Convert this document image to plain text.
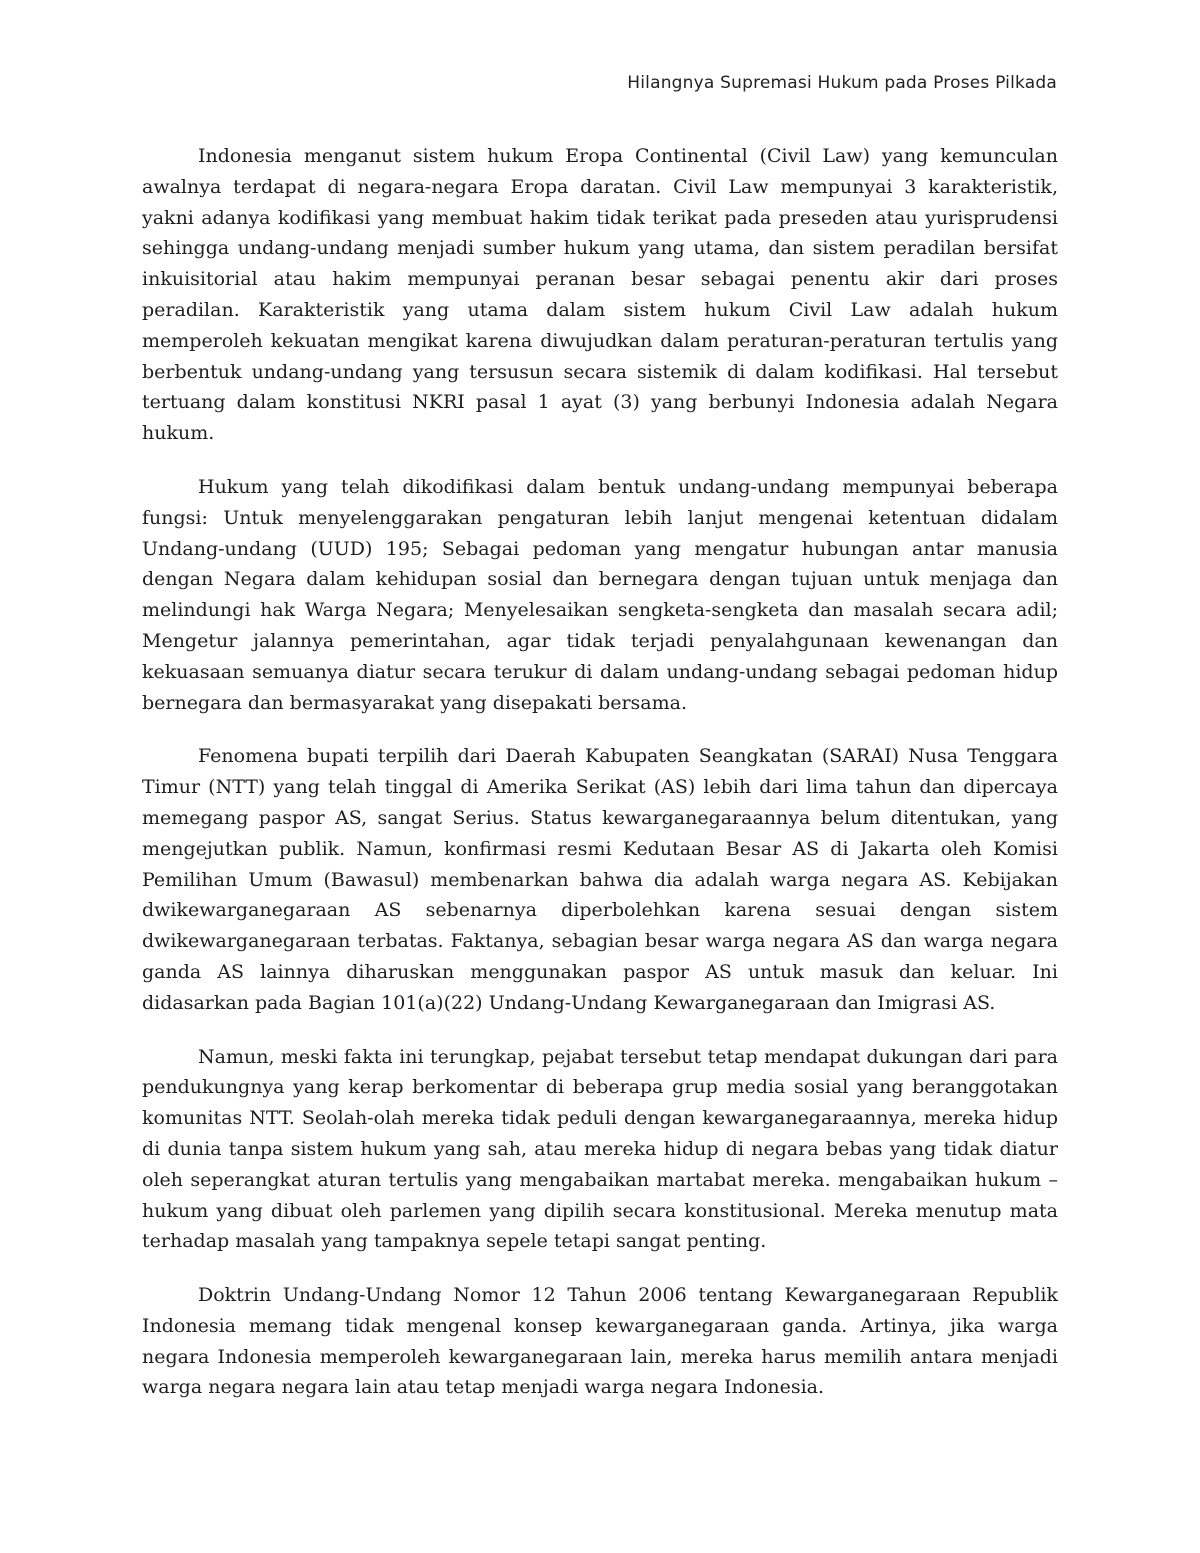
Hilangnya Supremasi Hukum pada Proses Pilkada

Indonesia menganut sistem hukum Eropa Continental (Civil Law) yang kemunculan awalnya terdapat di negara-negara Eropa daratan. Civil Law mempunyai 3 karakteristik, yakni adanya kodifikasi yang membuat hakim tidak terikat pada preseden atau yurisprudensi sehingga undang-undang menjadi sumber hukum yang utama, dan sistem peradilan bersifat inkuisitorial atau hakim mempunyai peranan besar sebagai penentu akir dari proses peradilan. Karakteristik yang utama dalam sistem hukum Civil Law adalah hukum memperoleh kekuatan mengikat karena diwujudkan dalam peraturan-peraturan tertulis yang berbentuk undang-undang yang tersusun secara sistemik di dalam kodifikasi. Hal tersebut tertuang dalam konstitusi NKRI pasal 1 ayat (3) yang berbunyi Indonesia adalah Negara hukum.

Hukum yang telah dikodifikasi dalam bentuk undang-undang mempunyai beberapa fungsi: Untuk menyelenggarakan pengaturan lebih lanjut mengenai ketentuan didalam Undang-undang (UUD) 195; Sebagai pedoman yang mengatur hubungan antar manusia dengan Negara dalam kehidupan sosial dan bernegara dengan tujuan untuk menjaga dan melindungi hak Warga Negara; Menyelesaikan sengketa-sengketa dan masalah secara adil; Mengetur jalannya pemerintahan, agar tidak terjadi penyalahgunaan kewenangan dan kekuasaan semuanya diatur secara terukur di dalam undang-undang sebagai pedoman hidup bernegara dan bermasyarakat yang disepakati bersama.

Fenomena bupati terpilih dari Daerah Kabupaten Seangkatan (SARAI) Nusa Tenggara Timur (NTT) yang telah tinggal di Amerika Serikat (AS) lebih dari lima tahun dan dipercaya memegang paspor AS, sangat Serius. Status kewarganegaraannya belum ditentukan, yang mengejutkan publik. Namun, konfirmasi resmi Kedutaan Besar AS di Jakarta oleh Komisi Pemilihan Umum (Bawasul) membenarkan bahwa dia adalah warga negara AS. Kebijakan dwikewarganegaraan AS sebenarnya diperbolehkan karena sesuai dengan sistem dwikewarganegaraan terbatas. Faktanya, sebagian besar warga negara AS dan warga negara ganda AS lainnya diharuskan menggunakan paspor AS untuk masuk dan keluar. Ini didasarkan pada Bagian 101(a)(22) Undang-Undang Kewarganegaraan dan Imigrasi AS.

Namun, meski fakta ini terungkap, pejabat tersebut tetap mendapat dukungan dari para pendukungnya yang kerap berkomentar di beberapa grup media sosial yang beranggotakan komunitas NTT. Seolah-olah mereka tidak peduli dengan kewarganegaraannya, mereka hidup di dunia tanpa sistem hukum yang sah, atau mereka hidup di negara bebas yang tidak diatur oleh seperangkat aturan tertulis yang mengabaikan martabat mereka. mengabaikan hukum – hukum yang dibuat oleh parlemen yang dipilih secara konstitusional. Mereka menutup mata terhadap masalah yang tampaknya sepele tetapi sangat penting.

Doktrin Undang-Undang Nomor 12 Tahun 2006 tentang Kewarganegaraan Republik Indonesia memang tidak mengenal konsep kewarganegaraan ganda. Artinya, jika warga negara Indonesia memperoleh kewarganegaraan lain, mereka harus memilih antara menjadi warga negara negara lain atau tetap menjadi warga negara Indonesia.
